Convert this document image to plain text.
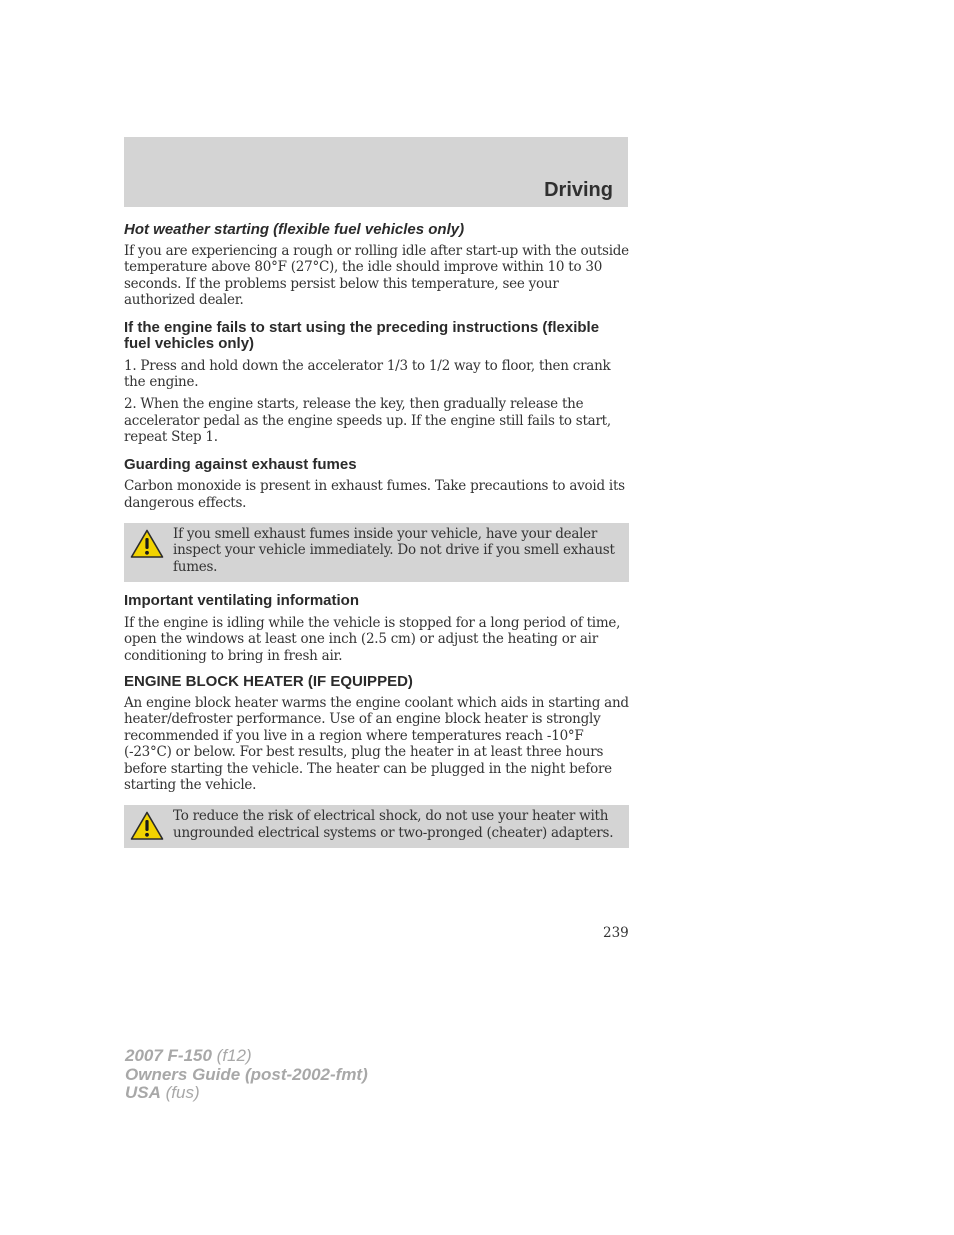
Driving
Hot weather starting (flexible fuel vehicles only)

If you are experiencing a rough or rolling idle after start-up with the outside temperature above 80°F (27°C), the idle should improve within 10 to 30 seconds. If the problems persist below this temperature, see your authorized dealer.

If the engine fails to start using the preceding instructions (flexible fuel vehicles only)

1. Press and hold down the accelerator 1/3 to 1/2 way to floor, then crank the engine.

2. When the engine starts, release the key, then gradually release the accelerator pedal as the engine speeds up. If the engine still fails to start, repeat Step 1.

Guarding against exhaust fumes

Carbon monoxide is present in exhaust fumes. Take precautions to avoid its dangerous effects.

If you smell exhaust fumes inside your vehicle, have your dealer inspect your vehicle immediately. Do not drive if you smell exhaust fumes.
Important ventilating information

If the engine is idling while the vehicle is stopped for a long period of time, open the windows at least one inch (2.5 cm) or adjust the heating or air conditioning to bring in fresh air.

ENGINE BLOCK HEATER (IF EQUIPPED)

An engine block heater warms the engine coolant which aids in starting and heater/defroster performance. Use of an engine block heater is strongly recommended if you live in a region where temperatures reach -10°F (-23°C) or below. For best results, plug the heater in at least three hours before starting the vehicle. The heater can be plugged in the night before starting the vehicle.

To reduce the risk of electrical shock, do not use your heater with ungrounded electrical systems or two-pronged (cheater) adapters.
239
2007 F-150 (f12)
Owners Guide (post-2002-fmt)
USA (fus)
